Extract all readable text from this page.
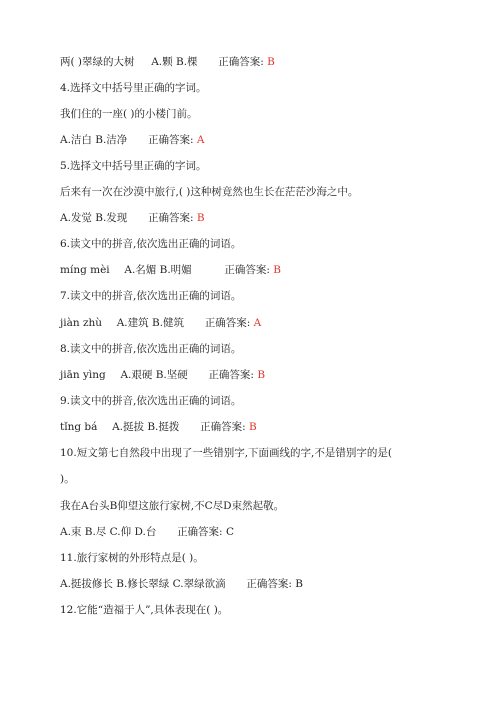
两( )翠绿的大树 A.颗 B.棵 正确答案: B
4.选择文中括号里正确的字词。
我们住的一座( )的小楼门前。
A.洁白 B.洁净 正确答案: A
5.选择文中括号里正确的字词。
后来有一次在沙漠中旅行,( )这种树竟然也生长在茫茫沙海之中。
A.发觉 B.发现 正确答案: B
6.读文中的拼音,依次选出正确的词语。
míng mèi A.名媚 B.明媚	正确答案: B
7.读文中的拼音,依次选出正确的词语。
jiàn zhù A.建筑 B.健筑 正确答案: A
8.读文中的拼音,依次选出正确的词语。
jiān yìng A.艰硬 B.坚硬 正确答案: B
9.读文中的拼音,依次选出正确的词语。
tǐng bá A.挺拔 B.挺拨 正确答案: B
10.短文第七自然段中出现了一些错别字,下面画线的字,不是错别字的是(
)。
我在A台头B仰望这旅行家树,不C尽D束然起敬。
A.束 B.尽 C.仰 D.台 正确答案: C
11.旅行家树的外形特点是( )。
A.挺拔修长 B.修长翠绿 C.翠绿欲滴 正确答案: B
12.它能“造福于人”,具体表现在( )。
